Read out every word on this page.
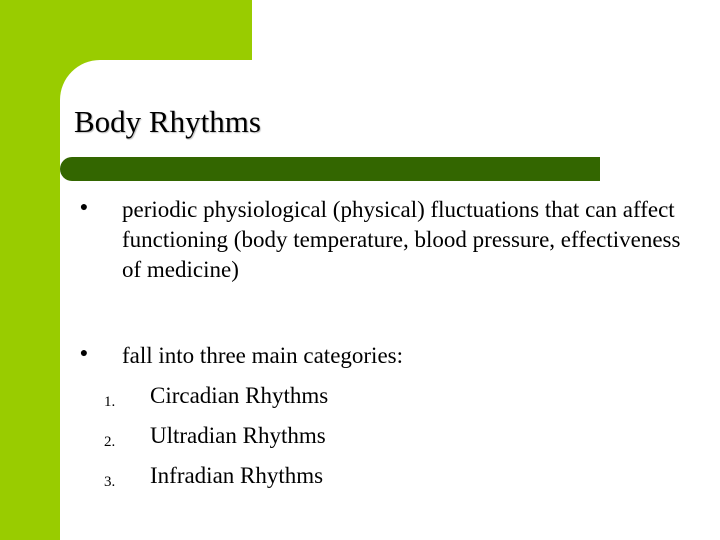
Body Rhythms
● periodic physiological (physical) fluctuations that can affect functioning (body temperature, blood pressure, effectiveness of medicine)
● fall into three main categories:
1.	Circadian Rhythms
2.	Ultradian Rhythms
3.	Infradian Rhythms
